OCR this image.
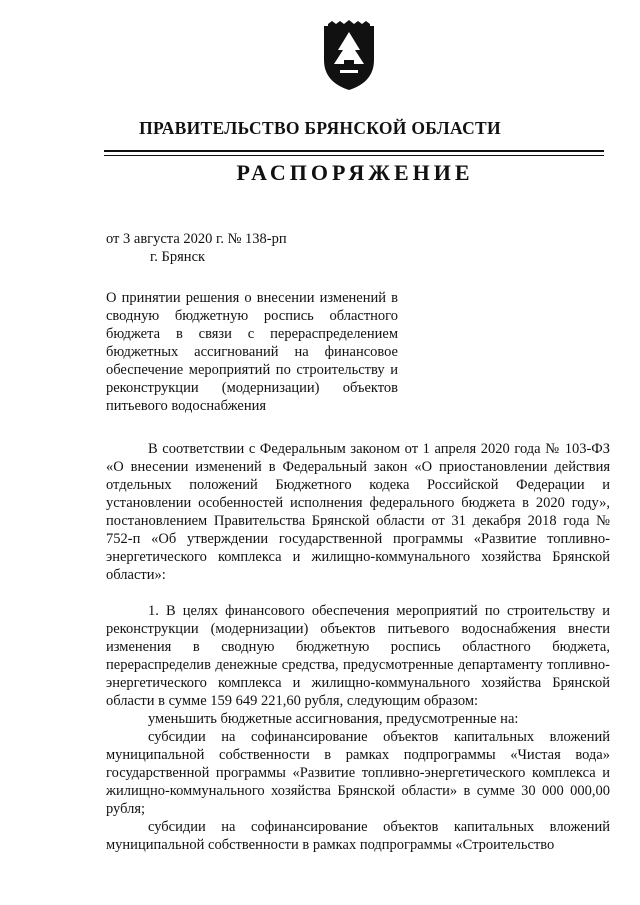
ПРАВИТЕЛЬСТВО БРЯНСКОЙ ОБЛАСТИ
РАСПОРЯЖЕНИЕ
от 3 августа 2020 г. № 138-рп
г. Брянск
О принятии решения о внесении изменений в сводную бюджетную роспись областного бюджета в связи с перераспределением бюджетных ассигнований на финансовое обеспечение мероприятий по строительству и реконструкции (модернизации) объектов питьевого водоснабжения

В соответствии с Федеральным законом от 1 апреля 2020 года № 103-ФЗ «О внесении изменений в Федеральный закон «О приостановлении действия отдельных положений Бюджетного кодека Российской Федерации и установлении особенностей исполнения федерального бюджета в 2020 году», постановлением Правительства Брянской области от 31 декабря 2018 года № 752-п «Об утверждении государственной программы «Развитие топливно-энергетического комплекса и жилищно-коммунального хозяйства Брянской области»:

1. В целях финансового обеспечения мероприятий по строительству и реконструкции (модернизации) объектов питьевого водоснабжения внести изменения в сводную бюджетную роспись областного бюджета, перераспределив денежные средства, предусмотренные департаменту топливно-энергетического комплекса и жилищно-коммунального хозяйства Брянской области в сумме 159 649 221,60 рубля, следующим образом:

уменьшить бюджетные ассигнования, предусмотренные на:

субсидии на софинансирование объектов капитальных вложений муниципальной собственности в рамках подпрограммы «Чистая вода» государственной программы «Развитие топливно-энергетического комплекса и жилищно-коммунального хозяйства Брянской области» в сумме 30 000 000,00 рубля;

субсидии на софинансирование объектов капитальных вложений муниципальной собственности в рамках подпрограммы «Строительство
